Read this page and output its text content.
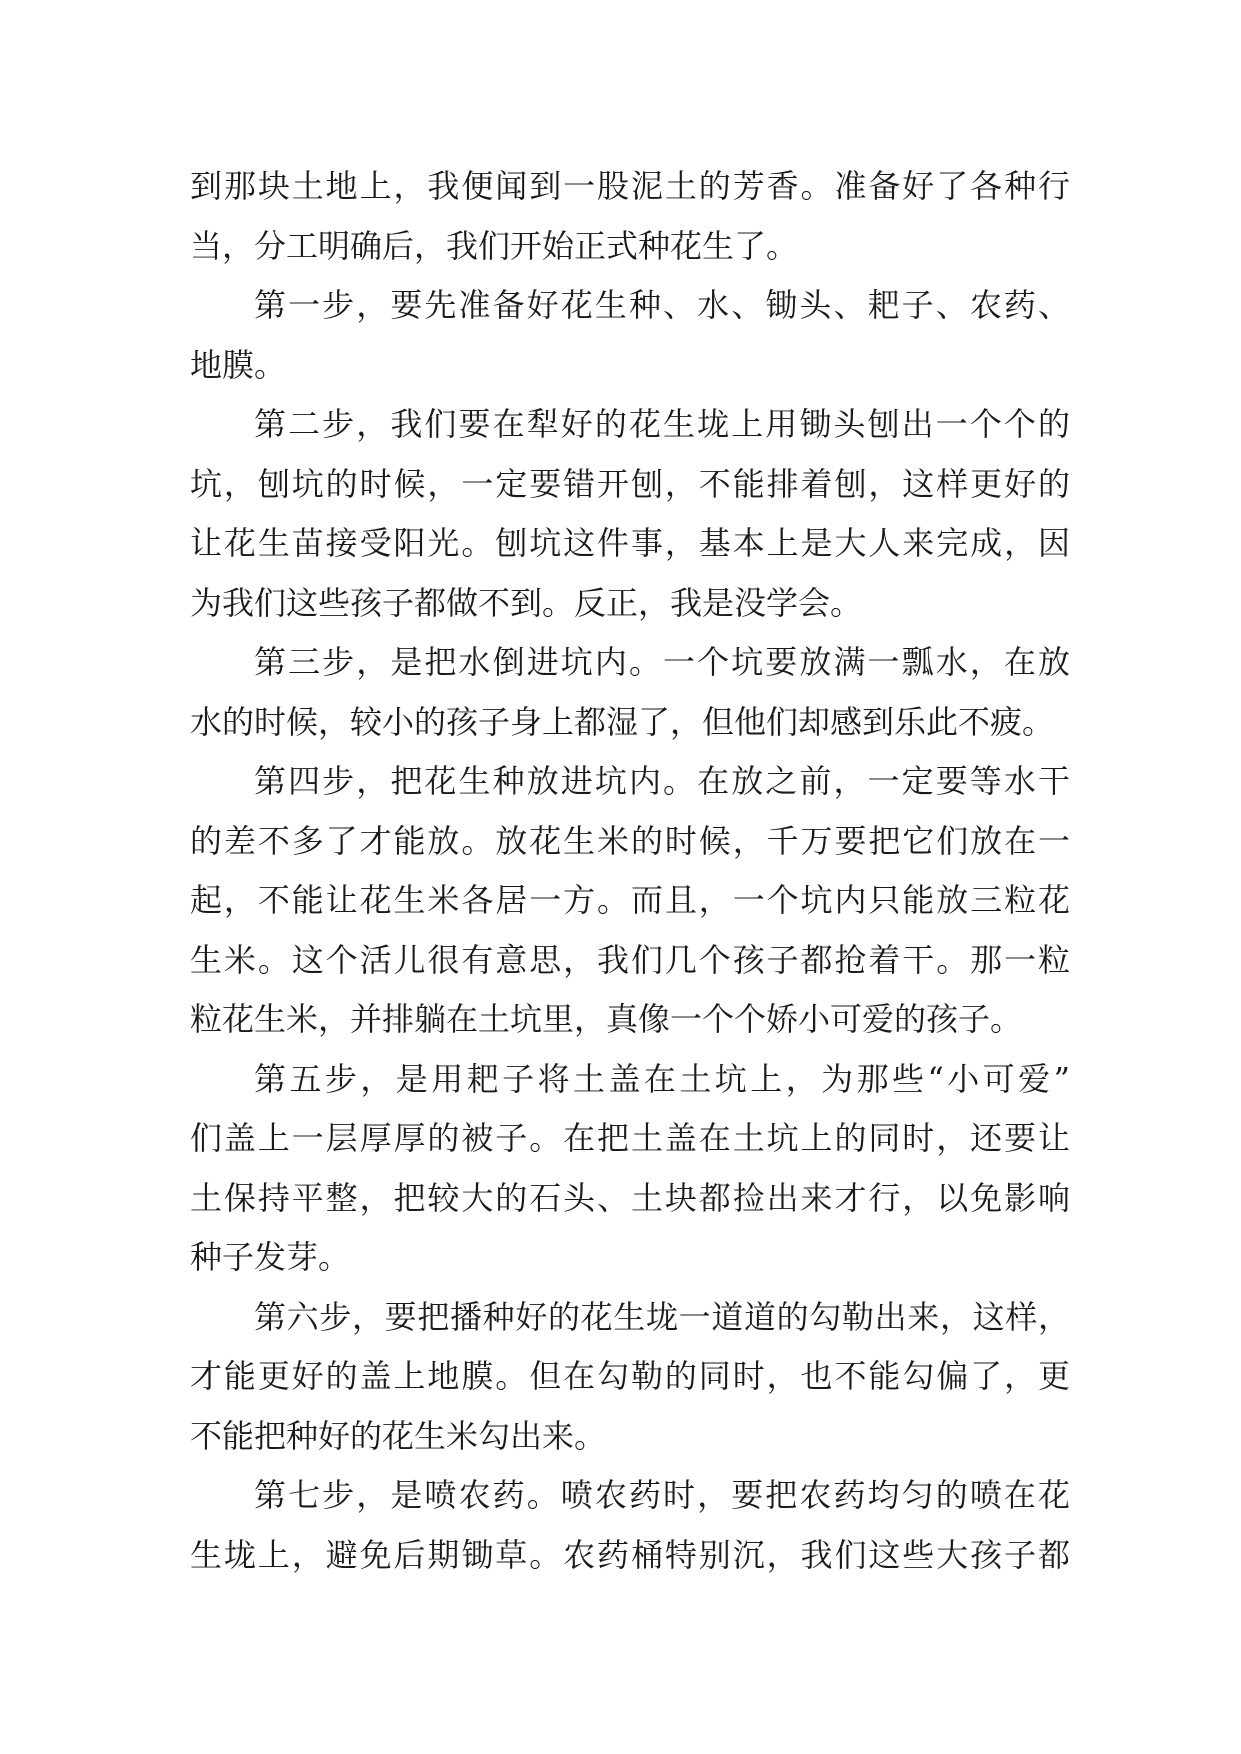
到那块土地上，我便闻到一股泥土的芳香。准备好了各种行
当，分工明确后，我们开始正式种花生了。
第一步，要先准备好花生种、水、锄头、耙子、农药、
地膜。
第二步，我们要在犁好的花生垅上用锄头刨出一个个的
坑，刨坑的时候，一定要错开刨，不能排着刨，这样更好的
让花生苗接受阳光。刨坑这件事，基本上是大人来完成，因
为我们这些孩子都做不到。反正，我是没学会。
第三步，是把水倒进坑内。一个坑要放满一瓢水，在放
水的时候，较小的孩子身上都湿了，但他们却感到乐此不疲。
第四步，把花生种放进坑内。在放之前，一定要等水干
的差不多了才能放。放花生米的时候，千万要把它们放在一
起，不能让花生米各居一方。而且，一个坑内只能放三粒花
生米。这个活儿很有意思，我们几个孩子都抢着干。那一粒
粒花生米，并排躺在土坑里，真像一个个娇小可爱的孩子。
第五步，是用耙子将土盖在土坑上，为那些“小可爱”
们盖上一层厚厚的被子。在把土盖在土坑上的同时，还要让
土保持平整，把较大的石头、土块都捡出来才行，以免影响
种子发芽。
第六步，要把播种好的花生垅一道道的勾勒出来，这样，
才能更好的盖上地膜。但在勾勒的同时，也不能勾偏了，更
不能把种好的花生米勾出来。
第七步，是喷农药。喷农药时，要把农药均匀的喷在花
生垅上，避免后期锄草。农药桶特别沉，我们这些大孩子都
